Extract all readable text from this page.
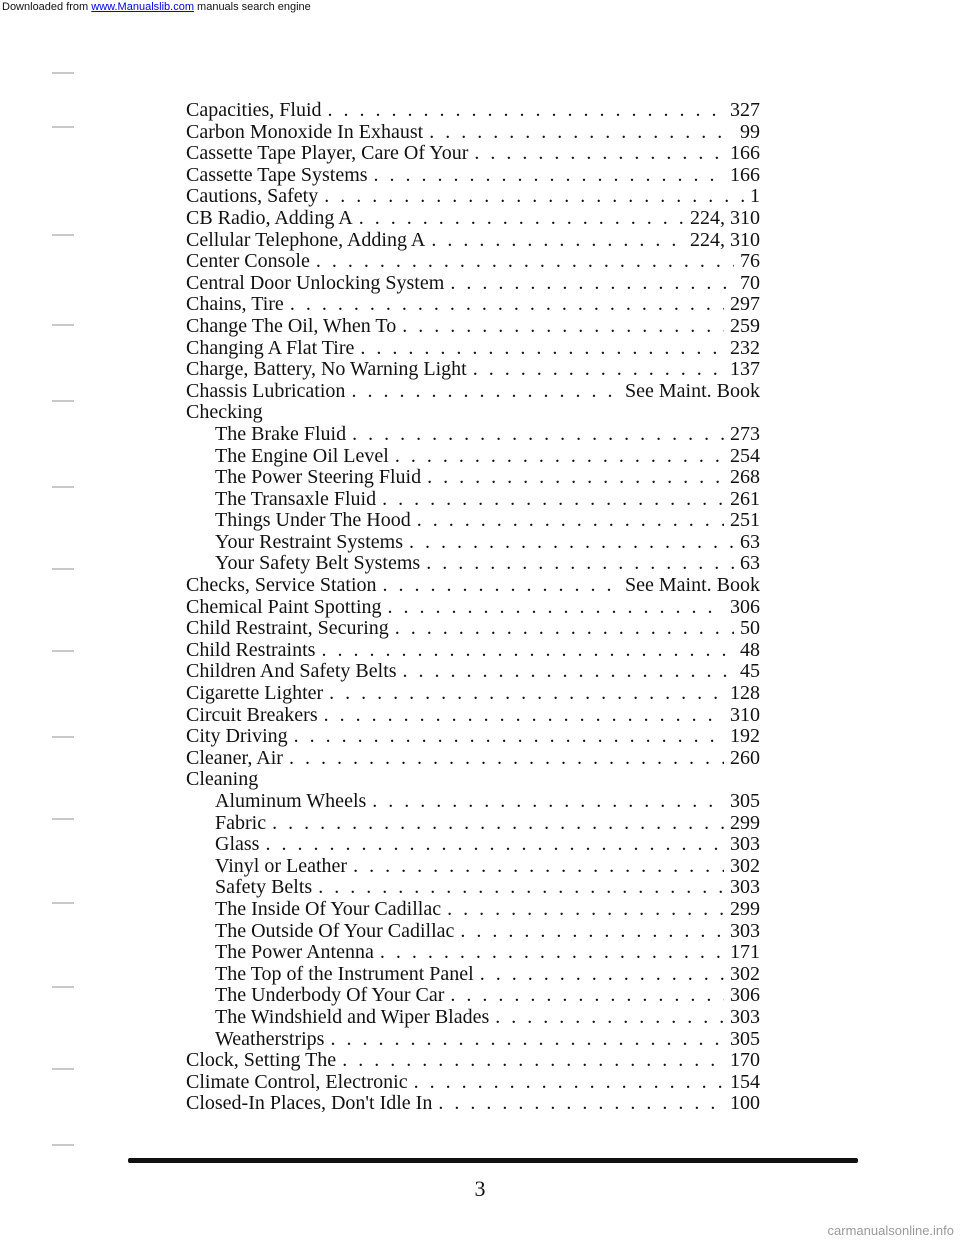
Downloaded from www.Manualslib.com manuals search engine
Capacities, Fluid . . .	327
Carbon Monoxide In Exhaust . . .	99
Cassette Tape Player, Care Of Your . . .	166
Cassette Tape Systems . . .	166
Cautions, Safety . . .	1
CB Radio, Adding A . . .	224, 310
Cellular Telephone, Adding A . . .	224, 310
Center Console . . .	76
Central Door Unlocking System . . .	70
Chains, Tire . . .	297
Change The Oil, When To . . .	259
Changing A Flat Tire . . .	232
Charge, Battery, No Warning Light . . .	137
Chassis Lubrication . . .	See Maint. Book
Checking
The Brake Fluid . . .	273
The Engine Oil Level . . .	254
The Power Steering Fluid . . .	268
The Transaxle Fluid . . .	261
Things Under The Hood . . .	251
Your Restraint Systems . . .	63
Your Safety Belt Systems . . .	63
Checks, Service Station . . .	See Maint. Book
Chemical Paint Spotting . . .	306
Child Restraint, Securing . . .	50
Child Restraints . . .	48
Children And Safety Belts . . .	45
Cigarette Lighter . . .	128
Circuit Breakers . . .	310
City Driving . . .	192
Cleaner, Air . . .	260
Cleaning
Aluminum Wheels . . .	305
Fabric . . .	299
Glass . . .	303
Vinyl or Leather . . .	302
Safety Belts . . .	303
The Inside Of Your Cadillac . . .	299
The Outside Of Your Cadillac . . .	303
The Power Antenna . . .	171
The Top of the Instrument Panel . . .	302
The Underbody Of Your Car . . .	306
The Windshield and Wiper Blades . . .	303
Weatherstrips . . .	305
Clock, Setting The . . .	170
Climate Control, Electronic . . .	154
Closed-In Places, Don't Idle In . . .	100
3
carmanualsonline.info
